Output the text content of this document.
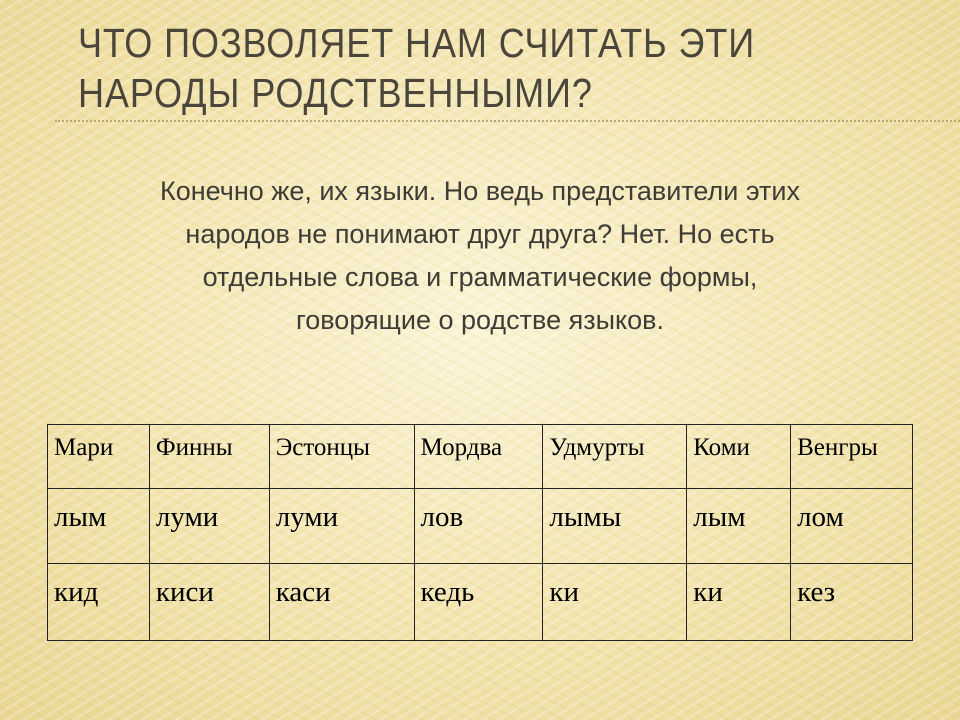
ЧТО ПОЗВОЛЯЕТ НАМ СЧИТАТЬ ЭТИ
НАРОДЫ РОДСТВЕННЫМИ?

Конечно же, их языки. Но ведь представители этих
народов не понимают друг друга? Нет. Но есть
отдельные слова и грамматические формы,
говорящие о родстве языков.

Мари	Финны	Эстонцы	Мордва	Удмурты	Коми	Венгры
лым	луми	луми	лов	лымы	лым	лом
кид	киси	каси	кедь	ки	ки	кез
